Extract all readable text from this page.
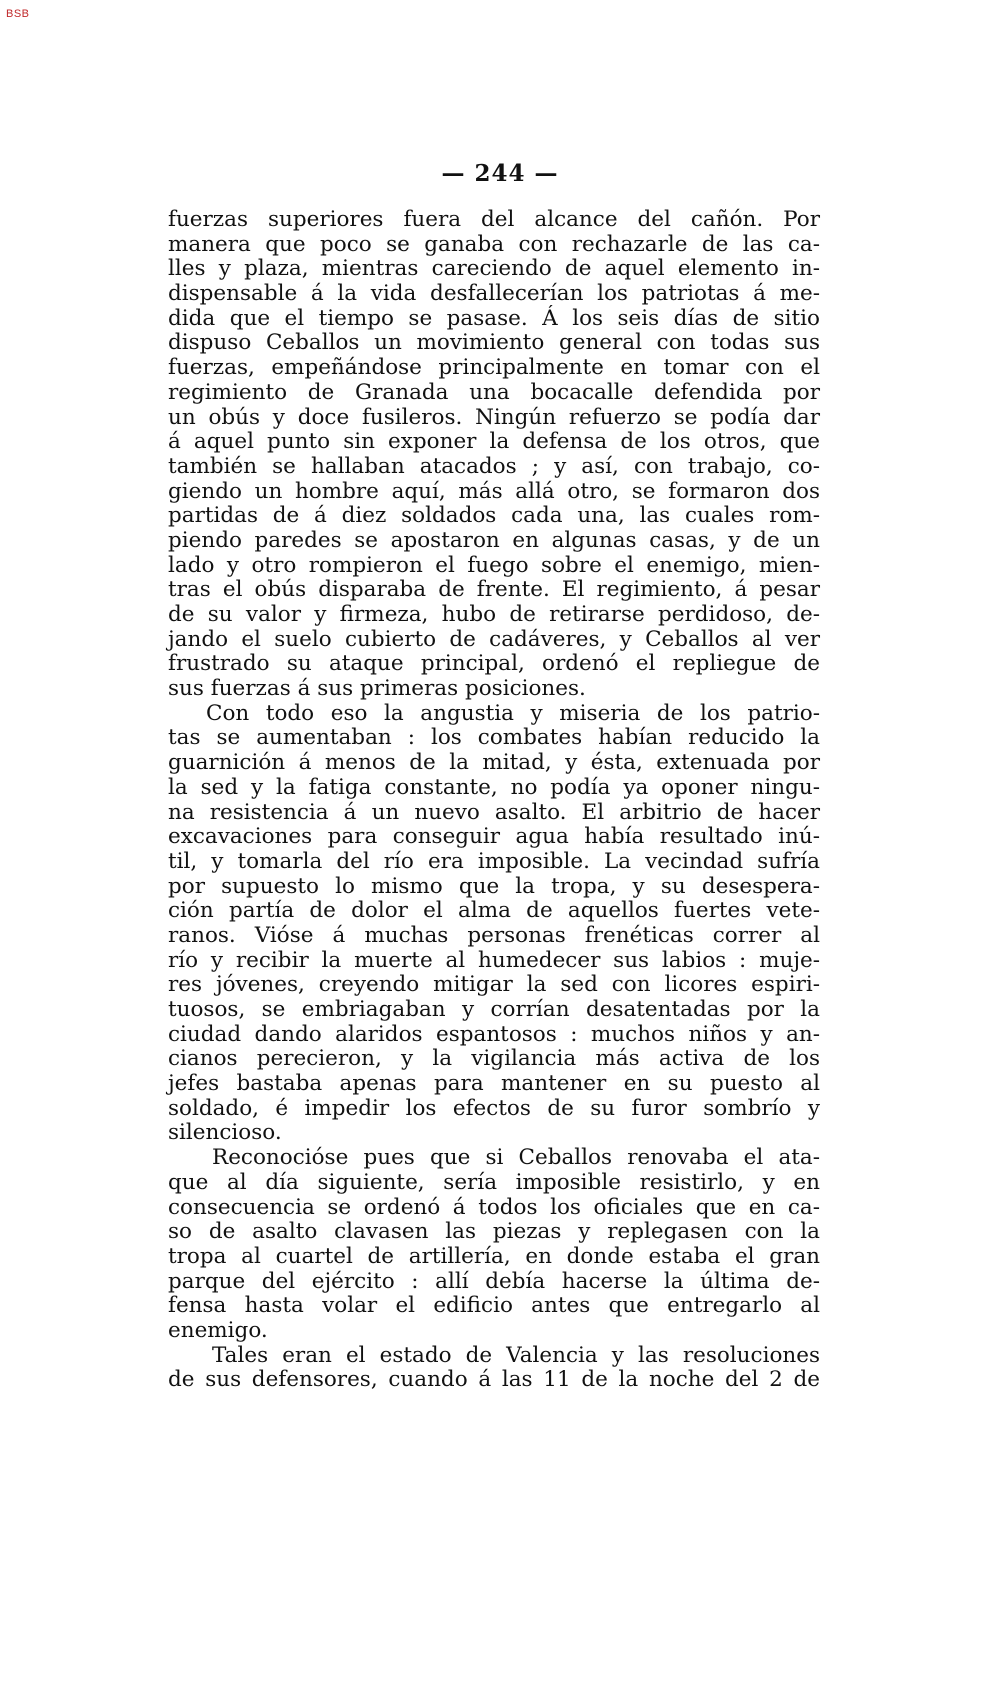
BSB
— 244 —
fuerzas superiores fuera del alcance del cañón. Por
manera que poco se ganaba con rechazarle de las ca-
lles y plaza, mientras careciendo de aquel elemento in-
dispensable á la vida desfallecerían los patriotas á me-
dida que el tiempo se pasase. Á los seis días de sitio
dispuso Ceballos un movimiento general con todas sus
fuerzas, empeñándose principalmente en tomar con el
regimiento de Granada una bocacalle defendida por
un obús y doce fusileros. Ningún refuerzo se podía dar
á aquel punto sin exponer la defensa de los otros, que
también se hallaban atacados ; y así, con trabajo, co-
giendo un hombre aquí, más allá otro, se formaron dos
partidas de á diez soldados cada una, las cuales rom-
piendo paredes se apostaron en algunas casas, y de un
lado y otro rompieron el fuego sobre el enemigo, mien-
tras el obús disparaba de frente. El regimiento, á pesar
de su valor y firmeza, hubo de retirarse perdidoso, de-
jando el suelo cubierto de cadáveres, y Ceballos al ver
frustrado su ataque principal, ordenó el repliegue de
sus fuerzas á sus primeras posiciones.
Con todo eso la angustia y miseria de los patrio-
tas se aumentaban : los combates habían reducido la
guarnición á menos de la mitad, y ésta, extenuada por
la sed y la fatiga constante, no podía ya oponer ningu-
na resistencia á un nuevo asalto. El arbitrio de hacer
excavaciones para conseguir agua había resultado inú-
til, y tomarla del río era imposible. La vecindad sufría
por supuesto lo mismo que la tropa, y su desespera-
ción partía de dolor el alma de aquellos fuertes vete-
ranos. Vióse á muchas personas frenéticas correr al
río y recibir la muerte al humedecer sus labios : muje-
res jóvenes, creyendo mitigar la sed con licores espiri-
tuosos, se embriagaban y corrían desatentadas por la
ciudad dando alaridos espantosos : muchos niños y an-
cianos perecieron, y la vigilancia más activa de los
jefes bastaba apenas para mantener en su puesto al
soldado, é impedir los efectos de su furor sombrío y
silencioso.
Reconocióse pues que si Ceballos renovaba el ata-
que al día siguiente, sería imposible resistirlo, y en
consecuencia se ordenó á todos los oficiales que en ca-
so de asalto clavasen las piezas y replegasen con la
tropa al cuartel de artillería, en donde estaba el gran
parque del ejército : allí debía hacerse la última de-
fensa hasta volar el edificio antes que entregarlo al
enemigo.
Tales eran el estado de Valencia y las resoluciones
de sus defensores, cuando á las 11 de la noche del 2 de
